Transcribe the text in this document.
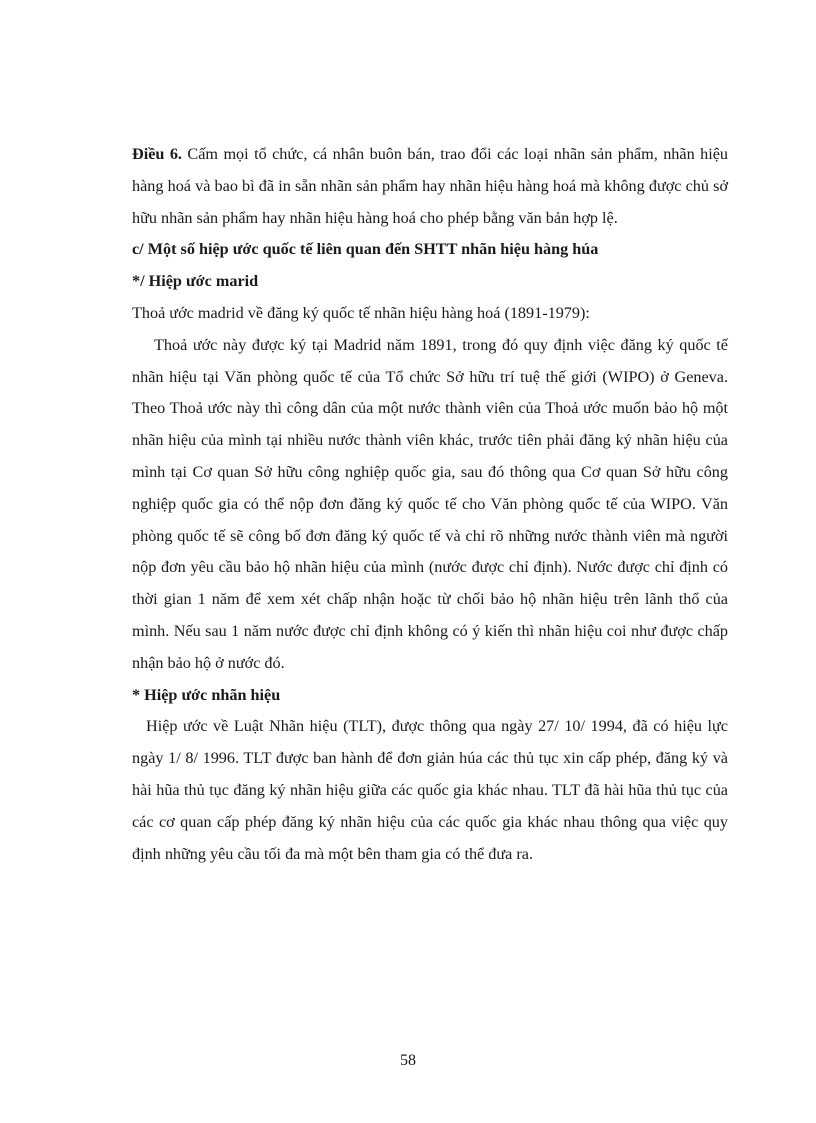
Điều 6. Cấm mọi tổ chức, cá nhân buôn bán, trao đổi các loại nhãn sản phẩm, nhãn hiệu hàng hoá và bao bì đã in sẵn nhãn sản phẩm hay nhãn hiệu hàng hoá mà không được chủ sở hữu nhãn sản phẩm hay nhãn hiệu hàng hoá cho phép bằng văn bản hợp lệ.

c/ Một số hiệp ước quốc tế liên quan đến SHTT nhãn hiệu hàng húa

*/ Hiệp ước marid

Thoả ước madrid về đăng ký quốc tế nhãn hiệu hàng hoá (1891-1979):

Thoả ước này được ký tại Madrid năm 1891, trong đó quy định việc đăng ký quốc tế nhãn hiệu tại Văn phòng quốc tế của Tổ chức Sở hữu trí tuệ thế giới (WIPO) ở Geneva. Theo Thoả ước này thì công dân của một nước thành viên của Thoả ước muốn bảo hộ một nhãn hiệu của mình tại nhiều nước thành viên khác, trước tiên phải đăng ký nhãn hiệu của mình tại Cơ quan Sở hữu công nghiệp quốc gia, sau đó thông qua Cơ quan Sở hữu công nghiệp quốc gia có thể nộp đơn đăng ký quốc tế cho Văn phòng quốc tế của WIPO. Văn phòng quốc tế sẽ công bố đơn đăng ký quốc tế và chỉ rõ những nước thành viên mà người nộp đơn yêu cầu bảo hộ nhãn hiệu của mình (nước được chỉ định). Nước được chỉ định có thời gian 1 năm để xem xét chấp nhận hoặc từ chối bảo hộ nhãn hiệu trên lãnh thổ của mình. Nếu sau 1 năm nước được chỉ định không có ý kiến thì nhãn hiệu coi như được chấp nhận bảo hộ ở nước đó.

* Hiệp ước nhãn hiệu

Hiệp ước về Luật Nhãn hiệu (TLT), được thông qua ngày 27/ 10/ 1994, đã có hiệu lực ngày 1/ 8/ 1996. TLT được ban hành để đơn giản húa các thủ tục xin cấp phép, đăng ký và hài hũa thủ tục đăng ký nhãn hiệu giữa các quốc gia khác nhau. TLT đã hài hũa thủ tục của các cơ quan cấp phép đăng ký nhãn hiệu của các quốc gia khác nhau thông qua việc quy định những yêu cầu tối đa mà một bên tham gia có thể đưa ra.

58
